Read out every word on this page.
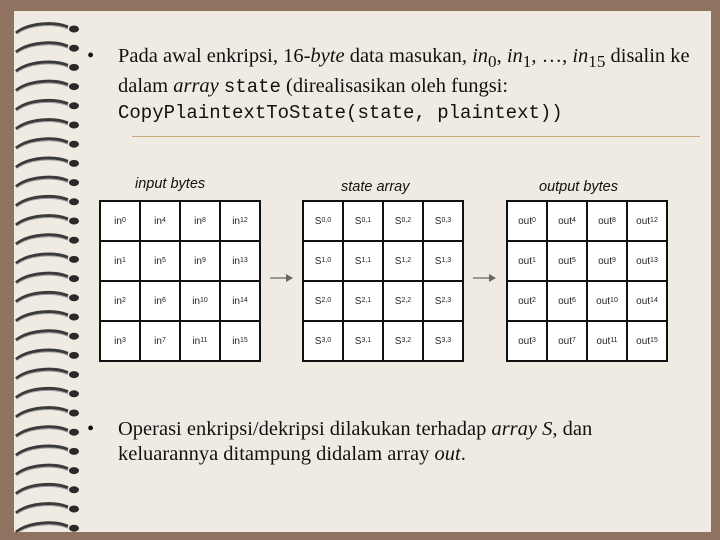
• Pada awal enkripsi, 16-byte data masukan, $in_0$, $in_1$, …, $in_{15}$ disalin ke dalam array state (direalisasikan oleh fungsi:
CopyPlaintextToState(state, plaintext))
input bytes	state array	output bytes
in 0	in 4	in 8	in 12
in 1	in 5	in 9	in 13
in 2	in 6	in 10 in 14
in 3	in 7	in 11 in 15
S 0,0 S 0,1 S 0,2 S 0,3
S 1,0 S 1,1 S 1,2 S 1,3
S 2,0 S 2,1 S 2,2 S 2,3
S 3,0 S 3,1 S 3,2 S 3,3
out 0 out 4 out 8 out 12
out 1 out 5 out 9 out 13
out 2 out 6 out 10 out 14
out 3 out 7 out 11 out 15
• Operasi enkripsi/dekripsi dilakukan terhadap array S, dan keluarannya ditampung didalam array out.
